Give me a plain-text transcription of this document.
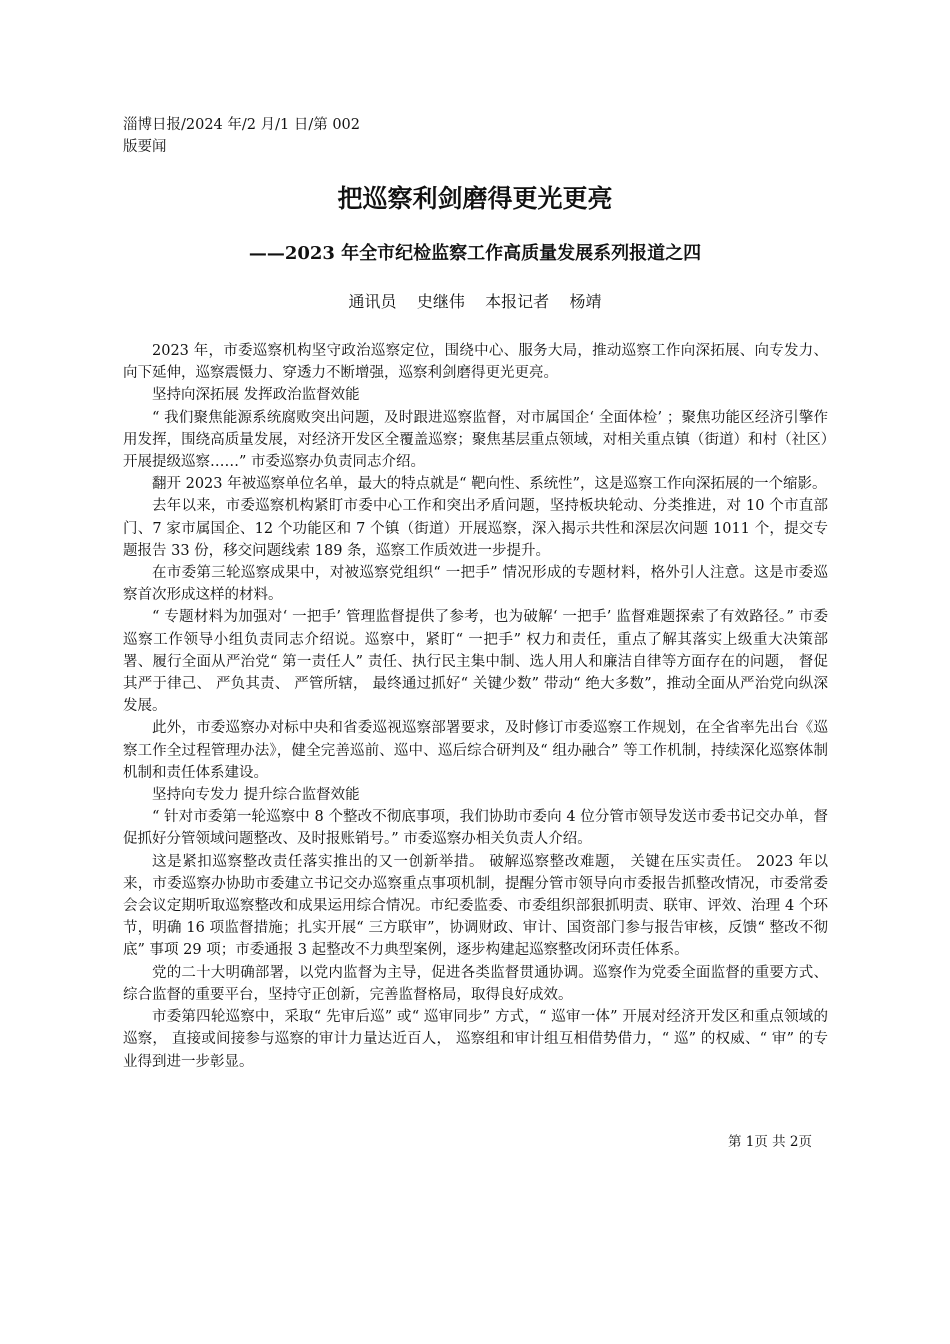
淄博日报/2024 年/2 月/1 日/第 002
版要闻
把巡察利剑磨得更光更亮
——2023 年全市纪检监察工作高质量发展系列报道之四
通讯员    史继伟    本报记者    杨靖

2023 年，市委巡察机构坚守政治巡察定位，围绕中心、服务大局，推动巡察工作向深拓展、向专发力、向下延伸，巡察震慑力、穿透力不断增强，巡察利剑磨得更光更亮。

坚持向深拓展 发挥政治监督效能

“ 我们聚焦能源系统腐败突出问题，及时跟进巡察监督，对市属国企‘ 全面体检’ ；聚焦功能区经济引擎作用发挥，围绕高质量发展，对经济开发区全覆盖巡察；聚焦基层重点领域，对相关重点镇（街道）和村（社区）开展提级巡察……” 市委巡察办负责同志介绍。

翻开 2023 年被巡察单位名单，最大的特点就是“ 靶向性、系统性”，这是巡察工作向深拓展的一个缩影。

去年以来，市委巡察机构紧盯市委中心工作和突出矛盾问题，坚持板块轮动、分类推进，对 10 个市直部门、7 家市属国企、12 个功能区和 7 个镇（街道）开展巡察，深入揭示共性和深层次问题 1011 个，提交专题报告 33 份，移交问题线索 189 条，巡察工作质效进一步提升。

在市委第三轮巡察成果中，对被巡察党组织“ 一把手” 情况形成的专题材料，格外引人注意。这是市委巡察首次形成这样的材料。

“ 专题材料为加强对‘ 一把手’ 管理监督提供了参考，也为破解‘ 一把手’ 监督难题探索了有效路径。” 市委巡察工作领导小组负责同志介绍说。巡察中，紧盯“ 一把手” 权力和责任，重点了解其落实上级重大决策部署、履行全面从严治党“ 第一责任人” 责任、执行民主集中制、选人用人和廉洁自律等方面存在的问题， 督促其严于律己、 严负其责、 严管所辖， 最终通过抓好“ 关键少数” 带动“ 绝大多数”，推动全面从严治党向纵深发展。

此外，市委巡察办对标中央和省委巡视巡察部署要求，及时修订市委巡察工作规划，在全省率先出台《巡察工作全过程管理办法》，健全完善巡前、巡中、巡后综合研判及“ 组办融合” 等工作机制，持续深化巡察体制机制和责任体系建设。

坚持向专发力 提升综合监督效能

“ 针对市委第一轮巡察中 8 个整改不彻底事项，我们协助市委向 4 位分管市领导发送市委书记交办单，督促抓好分管领域问题整改、及时报账销号。” 市委巡察办相关负责人介绍。

这是紧扣巡察整改责任落实推出的又一创新举措。 破解巡察整改难题， 关键在压实责任。 2023 年以来，市委巡察办协助市委建立书记交办巡察重点事项机制，提醒分管市领导向市委报告抓整改情况，市委常委会会议定期听取巡察整改和成果运用综合情况。市纪委监委、市委组织部狠抓明责、联审、评效、治理 4 个环节，明确 16 项监督措施；扎实开展“ 三方联审”，协调财政、审计、国资部门参与报告审核，反馈“ 整改不彻底” 事项 29 项；市委通报 3 起整改不力典型案例，逐步构建起巡察整改闭环责任体系。

党的二十大明确部署，以党内监督为主导，促进各类监督贯通协调。巡察作为党委全面监督的重要方式、综合监督的重要平台，坚持守正创新，完善监督格局，取得良好成效。

市委第四轮巡察中，采取“ 先审后巡” 或“ 巡审同步” 方式，“ 巡审一体” 开展对经济开发区和重点领域的巡察， 直接或间接参与巡察的审计力量达近百人， 巡察组和审计组互相借势借力，“ 巡” 的权威、“ 审” 的专业得到进一步彰显。

第 1页 共 2页
